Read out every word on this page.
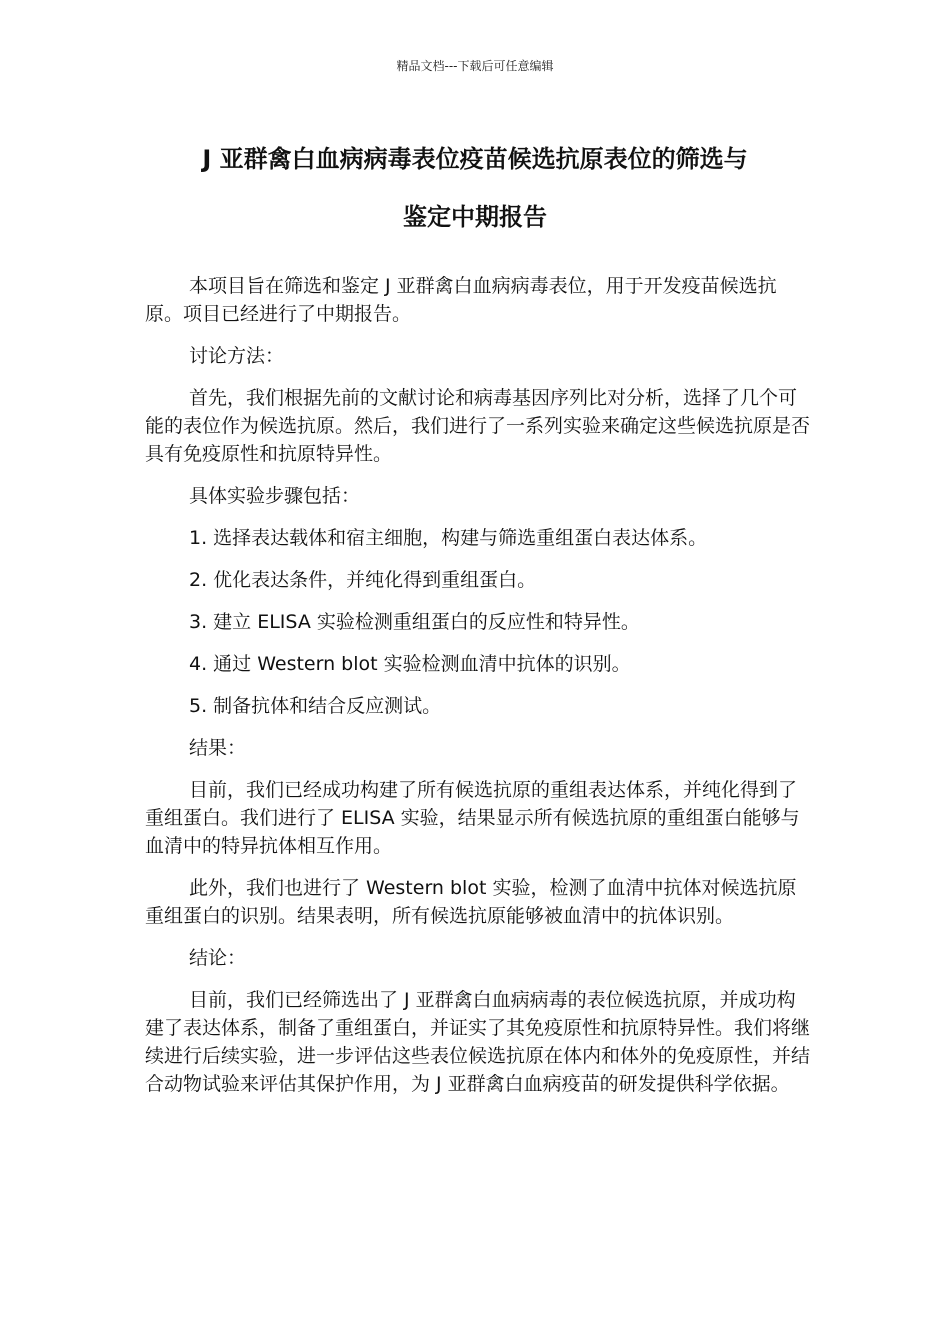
精品文档---下载后可任意编辑
J 亚群禽白血病病毒表位疫苗候选抗原表位的筛选与
鉴定中期报告

本项目旨在筛选和鉴定 J 亚群禽白血病病毒表位，用于开发疫苗候选抗原。项目已经进行了中期报告。

讨论方法：

首先，我们根据先前的文献讨论和病毒基因序列比对分析，选择了几个可能的表位作为候选抗原。然后，我们进行了一系列实验来确定这些候选抗原是否具有免疫原性和抗原特异性。

具体实验步骤包括：

1. 选择表达载体和宿主细胞，构建与筛选重组蛋白表达体系。

2. 优化表达条件，并纯化得到重组蛋白。

3. 建立 ELISA 实验检测重组蛋白的反应性和特异性。

4. 通过 Western blot 实验检测血清中抗体的识别。

5. 制备抗体和结合反应测试。

结果：

目前，我们已经成功构建了所有候选抗原的重组表达体系，并纯化得到了重组蛋白。我们进行了 ELISA 实验，结果显示所有候选抗原的重组蛋白能够与血清中的特异抗体相互作用。

此外，我们也进行了 Western blot 实验，检测了血清中抗体对候选抗原重组蛋白的识别。结果表明，所有候选抗原能够被血清中的抗体识别。

结论：

目前，我们已经筛选出了 J 亚群禽白血病病毒的表位候选抗原，并成功构建了表达体系，制备了重组蛋白，并证实了其免疫原性和抗原特异性。我们将继续进行后续实验，进一步评估这些表位候选抗原在体内和体外的免疫原性，并结合动物试验来评估其保护作用，为 J 亚群禽白血病疫苗的研发提供科学依据。
